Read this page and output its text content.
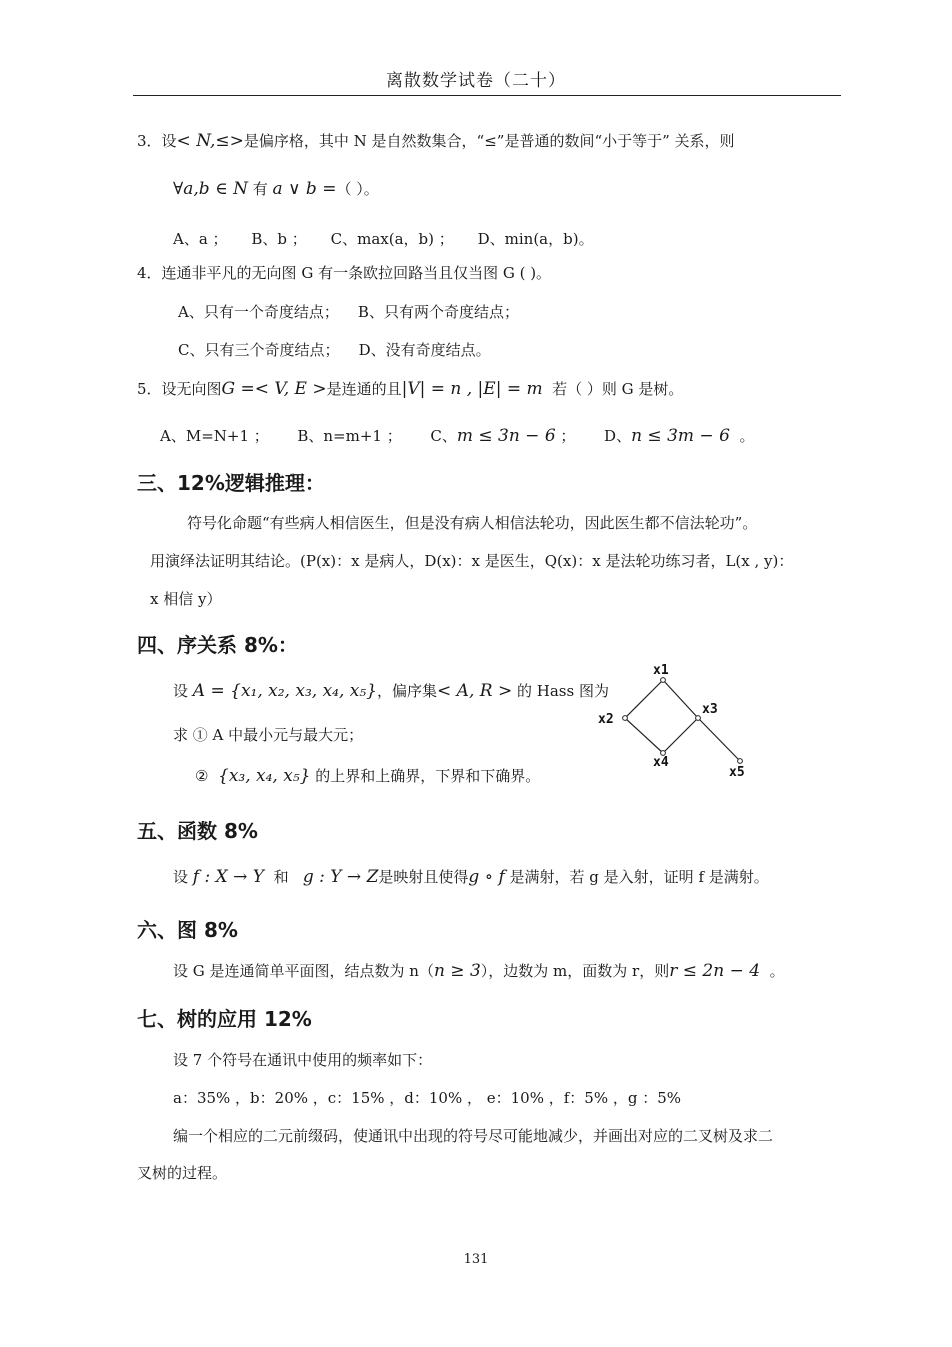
离散数学试卷（二十）
3．设< N,≤>是偏序格，其中 N 是自然数集合，“≤”是普通的数间“小于等于” 关系，则
∀a,b ∈ N 有 a ∨ b =（ ）。
A、a ； B、b ； C、max(a，b) ； D、min(a，b)。
4．连通非平凡的无向图 G 有一条欧拉回路当且仅当图 G ( )。
A、只有一个奇度结点； B、只有两个奇度结点；
C、只有三个奇度结点； D、没有奇度结点。
5．设无向图G =< V, E >是连通的且|V| = n , |E| = m 若（ ）则 G 是树。
A、M=N+1 ； B、n=m+1 ； C、m ≤ 3n − 6 ； D、n ≤ 3m − 6 。
三、12%逻辑推理：
符号化命题“有些病人相信医生，但是没有病人相信法轮功，因此医生都不信法轮功”。
用演绎法证明其结论。(P(x)：x 是病人，D(x)：x 是医生，Q(x)：x 是法轮功练习者，L(x , y)：
x 相信 y）
四、序关系 8%：
设 A = {x₁, x₂, x₃, x₄, x₅}，偏序集< A, R > 的 Hass 图为
求 ① A 中最小元与最大元；
② {x₃, x₄, x₅} 的上界和上确界，下界和下确界。
x1
x2
x3
x4
x5
五、函数 8%
设 f : X → Y 和 g : Y → Z是映射且使得g ∘ f 是满射，若 g 是入射，证明 f 是满射。
六、图 8%
设 G 是连通简单平面图，结点数为 n（n ≥ 3），边数为 m，面数为 r，则r ≤ 2n − 4 。
七、树的应用 12%
设 7 个符号在通讯中使用的频率如下：
a：35% ，b：20% ，c：15% ，d：10% ， e：10% ，f：5% ，g ：5%
编一个相应的二元前缀码，使通讯中出现的符号尽可能地减少，并画出对应的二叉树及求二
叉树的过程。
131
